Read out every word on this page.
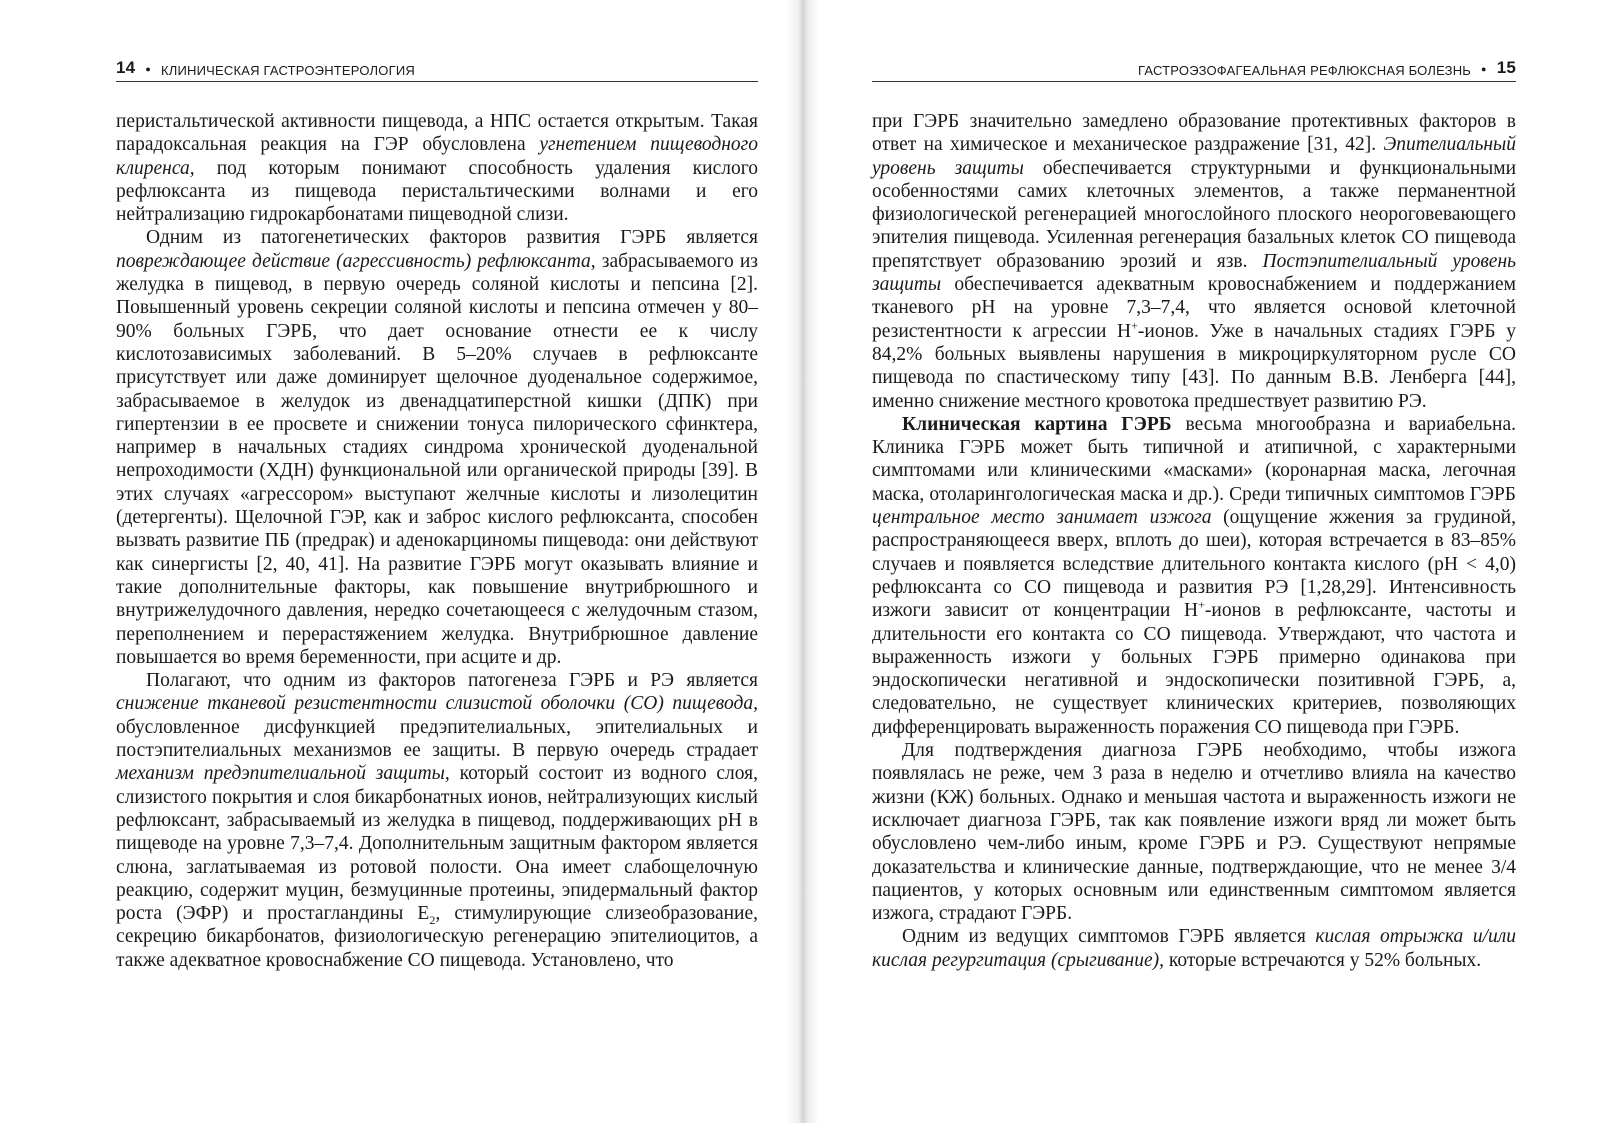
14 ● КЛИНИЧЕСКАЯ ГАСТРОЭНТЕРОЛОГИЯ

перистальтической активности пищевода, а НПС остается открытым. Такая парадоксальная реакция на ГЭР обусловлена угнетением пищеводного клиренса, под которым понимают способность удаления кислого рефлюксанта из пищевода перистальтическими волнами и его нейтрализацию гидрокарбонатами пищеводной слизи.

Одним из патогенетических факторов развития ГЭРБ является повреждающее действие (агрессивность) рефлюксанта, забрасываемого из желудка в пищевод, в первую очередь соляной кислоты и пепсина [2]. Повышенный уровень секреции соляной кислоты и пепсина отмечен у 80–90% больных ГЭРБ, что дает основание отнести ее к числу кислотозависимых заболеваний. В 5–20% случаев в рефлюксанте присутствует или даже доминирует щелочное дуоденальное содержимое, забрасываемое в желудок из двенадцатиперстной кишки (ДПК) при гипертензии в ее просвете и снижении тонуса пилорического сфинктера, например в начальных стадиях синдрома хронической дуоденальной непроходимости (ХДН) функциональной или органической природы [39]. В этих случаях «агрессором» выступают желчные кислоты и лизолецитин (детергенты). Щелочной ГЭР, как и заброс кислого рефлюксанта, способен вызвать развитие ПБ (предрак) и аденокарциномы пищевода: они действуют как синергисты [2, 40, 41]. На развитие ГЭРБ могут оказывать влияние и такие дополнительные факторы, как повышение внутрибрюшного и внутрижелудочного давления, нередко сочетающееся с желудочным стазом, переполнением и перерастяжением желудка. Внутрибрюшное давление повышается во время беременности, при асците и др.

Полагают, что одним из факторов патогенеза ГЭРБ и РЭ является снижение тканевой резистентности слизистой оболочки (СО) пищевода, обусловленное дисфункцией предэпителиальных, эпителиальных и постэпителиальных механизмов ее защиты. В первую очередь страдает механизм предэпителиальной защиты, который состоит из водного слоя, слизистого покрытия и слоя бикарбонатных ионов, нейтрализующих кислый рефлюксант, забрасываемый из желудка в пищевод, поддерживающих pH в пищеводе на уровне 7,3–7,4. Дополнительным защитным фактором является слюна, заглатываемая из ротовой полости. Она имеет слабощелочную реакцию, содержит муцин, безмуцинные протеины, эпидермальный фактор роста (ЭФР) и простагландины $E_2$, стимулирующие слизеобразование, секрецию бикарбонатов, физиологическую регенерацию эпителиоцитов, а также адекватное кровоснабжение СО пищевода. Установлено, что

ГАСТРОЭЗОФАГЕАЛЬНАЯ РЕФЛЮКСНАЯ БОЛЕЗНЬ ● 15

при ГЭРБ значительно замедлено образование протективных факторов в ответ на химическое и механическое раздражение [31, 42]. Эпителиальный уровень защиты обеспечивается структурными и функциональными особенностями самих клеточных элементов, а также перманентной физиологической регенерацией многослойного плоского неороговевающего эпителия пищевода. Усиленная регенерация базальных клеток СО пищевода препятствует образованию эрозий и язв. Постэпителиальный уровень защиты обеспечивается адекватным кровоснабжением и поддержанием тканевого pH на уровне 7,3–7,4, что является основой клеточной резистентности к агрессии H+-ионов. Уже в начальных стадиях ГЭРБ у 84,2% больных выявлены нарушения в микроциркуляторном русле СО пищевода по спастическому типу [43]. По данным В.В. Ленберга [44], именно снижение местного кровотока предшествует развитию РЭ.

Клиническая картина ГЭРБ весьма многообразна и вариабельна. Клиника ГЭРБ может быть типичной и атипичной, с характерными симптомами или клиническими «масками» (коронарная маска, легочная маска, отоларингологическая маска и др.). Среди типичных симптомов ГЭРБ центральное место занимает изжога (ощущение жжения за грудиной, распространяющееся вверх, вплоть до шеи), которая встречается в 83–85% случаев и появляется вследствие длительного контакта кислого (pH < 4,0) рефлюксанта со СО пищевода и развития РЭ [1,28,29]. Интенсивность изжоги зависит от концентрации H+-ионов в рефлюксанте, частоты и длительности его контакта со СО пищевода. Утверждают, что частота и выраженность изжоги у больных ГЭРБ примерно одинакова при эндоскопически негативной и эндоскопически позитивной ГЭРБ, а, следовательно, не существует клинических критериев, позволяющих дифференцировать выраженность поражения СО пищевода при ГЭРБ.

Для подтверждения диагноза ГЭРБ необходимо, чтобы изжога появлялась не реже, чем 3 раза в неделю и отчетливо влияла на качество жизни (КЖ) больных. Однако и меньшая частота и выраженность изжоги не исключает диагноза ГЭРБ, так как появление изжоги вряд ли может быть обусловлено чем-либо иным, кроме ГЭРБ и РЭ. Существуют непрямые доказательства и клинические данные, подтверждающие, что не менее 3/4 пациентов, у которых основным или единственным симптомом является изжога, страдают ГЭРБ.

Одним из ведущих симптомов ГЭРБ является кислая отрыжка и/или кислая регургитация (срыгивание), которые встречаются у 52% больных.
